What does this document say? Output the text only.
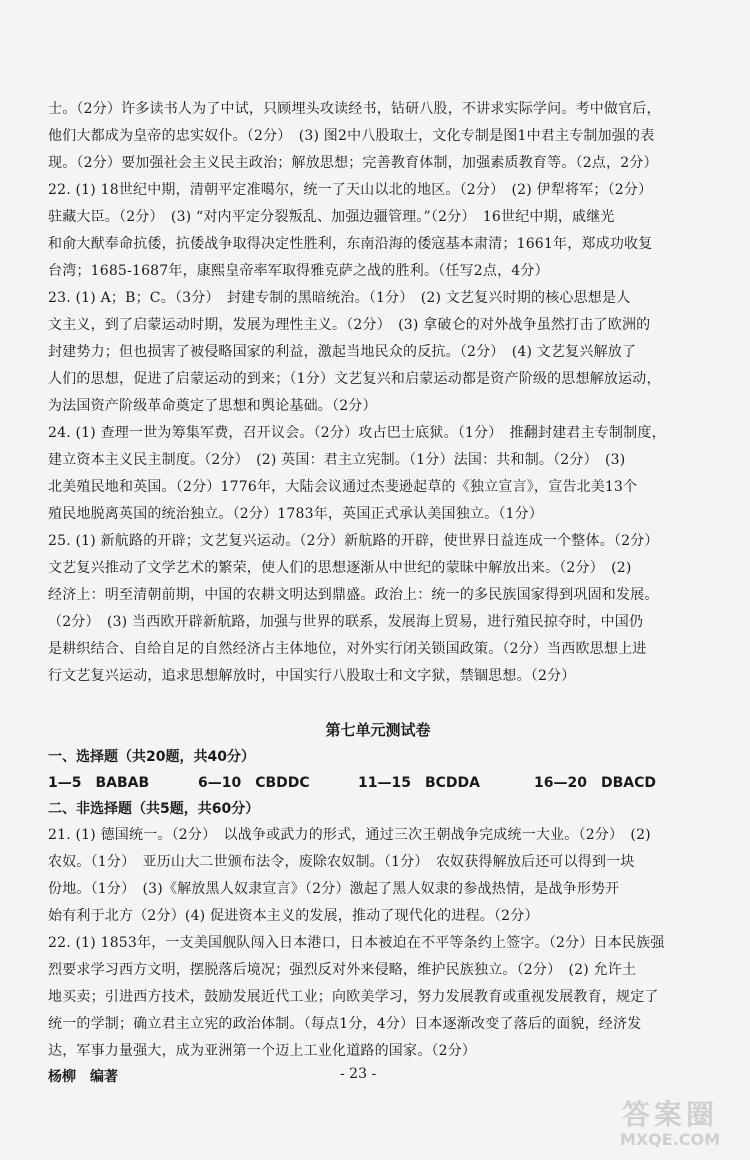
士。（2分）许多读书人为了中试，只顾埋头攻读经书，钻研八股，不讲求实际学问。考中做官后，

他们大都成为皇帝的忠实奴仆。（2分）　(3) 图2中八股取士，文化专制是图1中君主专制加强的表

现。（2分）要加强社会主义民主政治；解放思想；完善教育体制，加强素质教育等。（2点，2分）

22. (1) 18世纪中期，清朝平定准噶尔，统一了天山以北的地区。（2分）　(2) 伊犁将军；（2分）

驻藏大臣。（2分）　(3) “对内平定分裂叛乱、加强边疆管理。”（2分）　16世纪中期，戚继光

和俞大猷奉命抗倭，抗倭战争取得决定性胜利，东南沿海的倭寇基本肃清；1661年，郑成功收复

台湾；1685-1687年，康熙皇帝率军取得雅克萨之战的胜利。（任写2点，4分）

23. (1) A；B；C。（3分）　封建专制的黑暗统治。（1分）　(2) 文艺复兴时期的核心思想是人

文主义，到了启蒙运动时期，发展为理性主义。（2分）　(3) 拿破仑的对外战争虽然打击了欧洲的

封建势力；但也损害了被侵略国家的利益，激起当地民众的反抗。（2分）　(4) 文艺复兴解放了

人们的思想，促进了启蒙运动的到来；（1分）文艺复兴和启蒙运动都是资产阶级的思想解放运动，

为法国资产阶级革命奠定了思想和舆论基础。（2分）

24. (1) 查理一世为筹集军费，召开议会。（2分）攻占巴士底狱。（1分）　推翻封建君主专制制度，

建立资本主义民主制度。（2分）　(2) 英国：君主立宪制。（1分）法国：共和制。（2分）　(3)

北美殖民地和英国。（2分）1776年，大陆会议通过杰斐逊起草的《独立宣言》，宣告北美13个

殖民地脱离英国的统治独立。（2分）1783年，英国正式承认美国独立。（1分）

25. (1) 新航路的开辟；文艺复兴运动。（2分）新航路的开辟，使世界日益连成一个整体。（2分）

文艺复兴推动了文学艺术的繁荣，使人们的思想逐渐从中世纪的蒙昧中解放出来。（2分）　(2)

经济上：明至清朝前期，中国的农耕文明达到鼎盛。政治上：统一的多民族国家得到巩固和发展。

（2分）　(3) 当西欧开辟新航路，加强与世界的联系，发展海上贸易，进行殖民掠夺时，中国仍

是耕织结合、自给自足的自然经济占主体地位，对外实行闭关锁国政策。（2分）当西欧思想上进

行文艺复兴运动，追求思想解放时，中国实行八股取士和文字狱，禁锢思想。（2分）

第七单元测试卷

一、选择题（共20题，共40分）

1—5　BABAB	6—10　CBDDC	11—15　BCDDA	16—20　DBACD

二、非选择题（共5题，共60分）

21. (1) 德国统一。（2分）　以战争或武力的形式，通过三次王朝战争完成统一大业。（2分）　(2)

农奴。（1分）　亚历山大二世颁布法令，废除农奴制。（1分）　农奴获得解放后还可以得到一块

份地。（1分）　(3)《解放黑人奴隶宣言》（2分）激起了黑人奴隶的参战热情，是战争形势开

始有利于北方（2分）(4) 促进资本主义的发展，推动了现代化的进程。（2分）

22. (1) 1853年，一支美国舰队闯入日本港口，日本被迫在不平等条约上签字。（2分）日本民族强

烈要求学习西方文明，摆脱落后境况；强烈反对外来侵略，维护民族独立。（2分）　(2) 允许土

地买卖；引进西方技术，鼓励发展近代工业；向欧美学习，努力发展教育或重视发展教育，规定了

统一的学制；确立君主立宪的政治体制。（每点1分，4分）日本逐渐改变了落后的面貌，经济发

达，军事力量强大，成为亚洲第一个迈上工业化道路的国家。（2分）

杨柳　编著	- 23 -
答案圈
MXQE.COM
